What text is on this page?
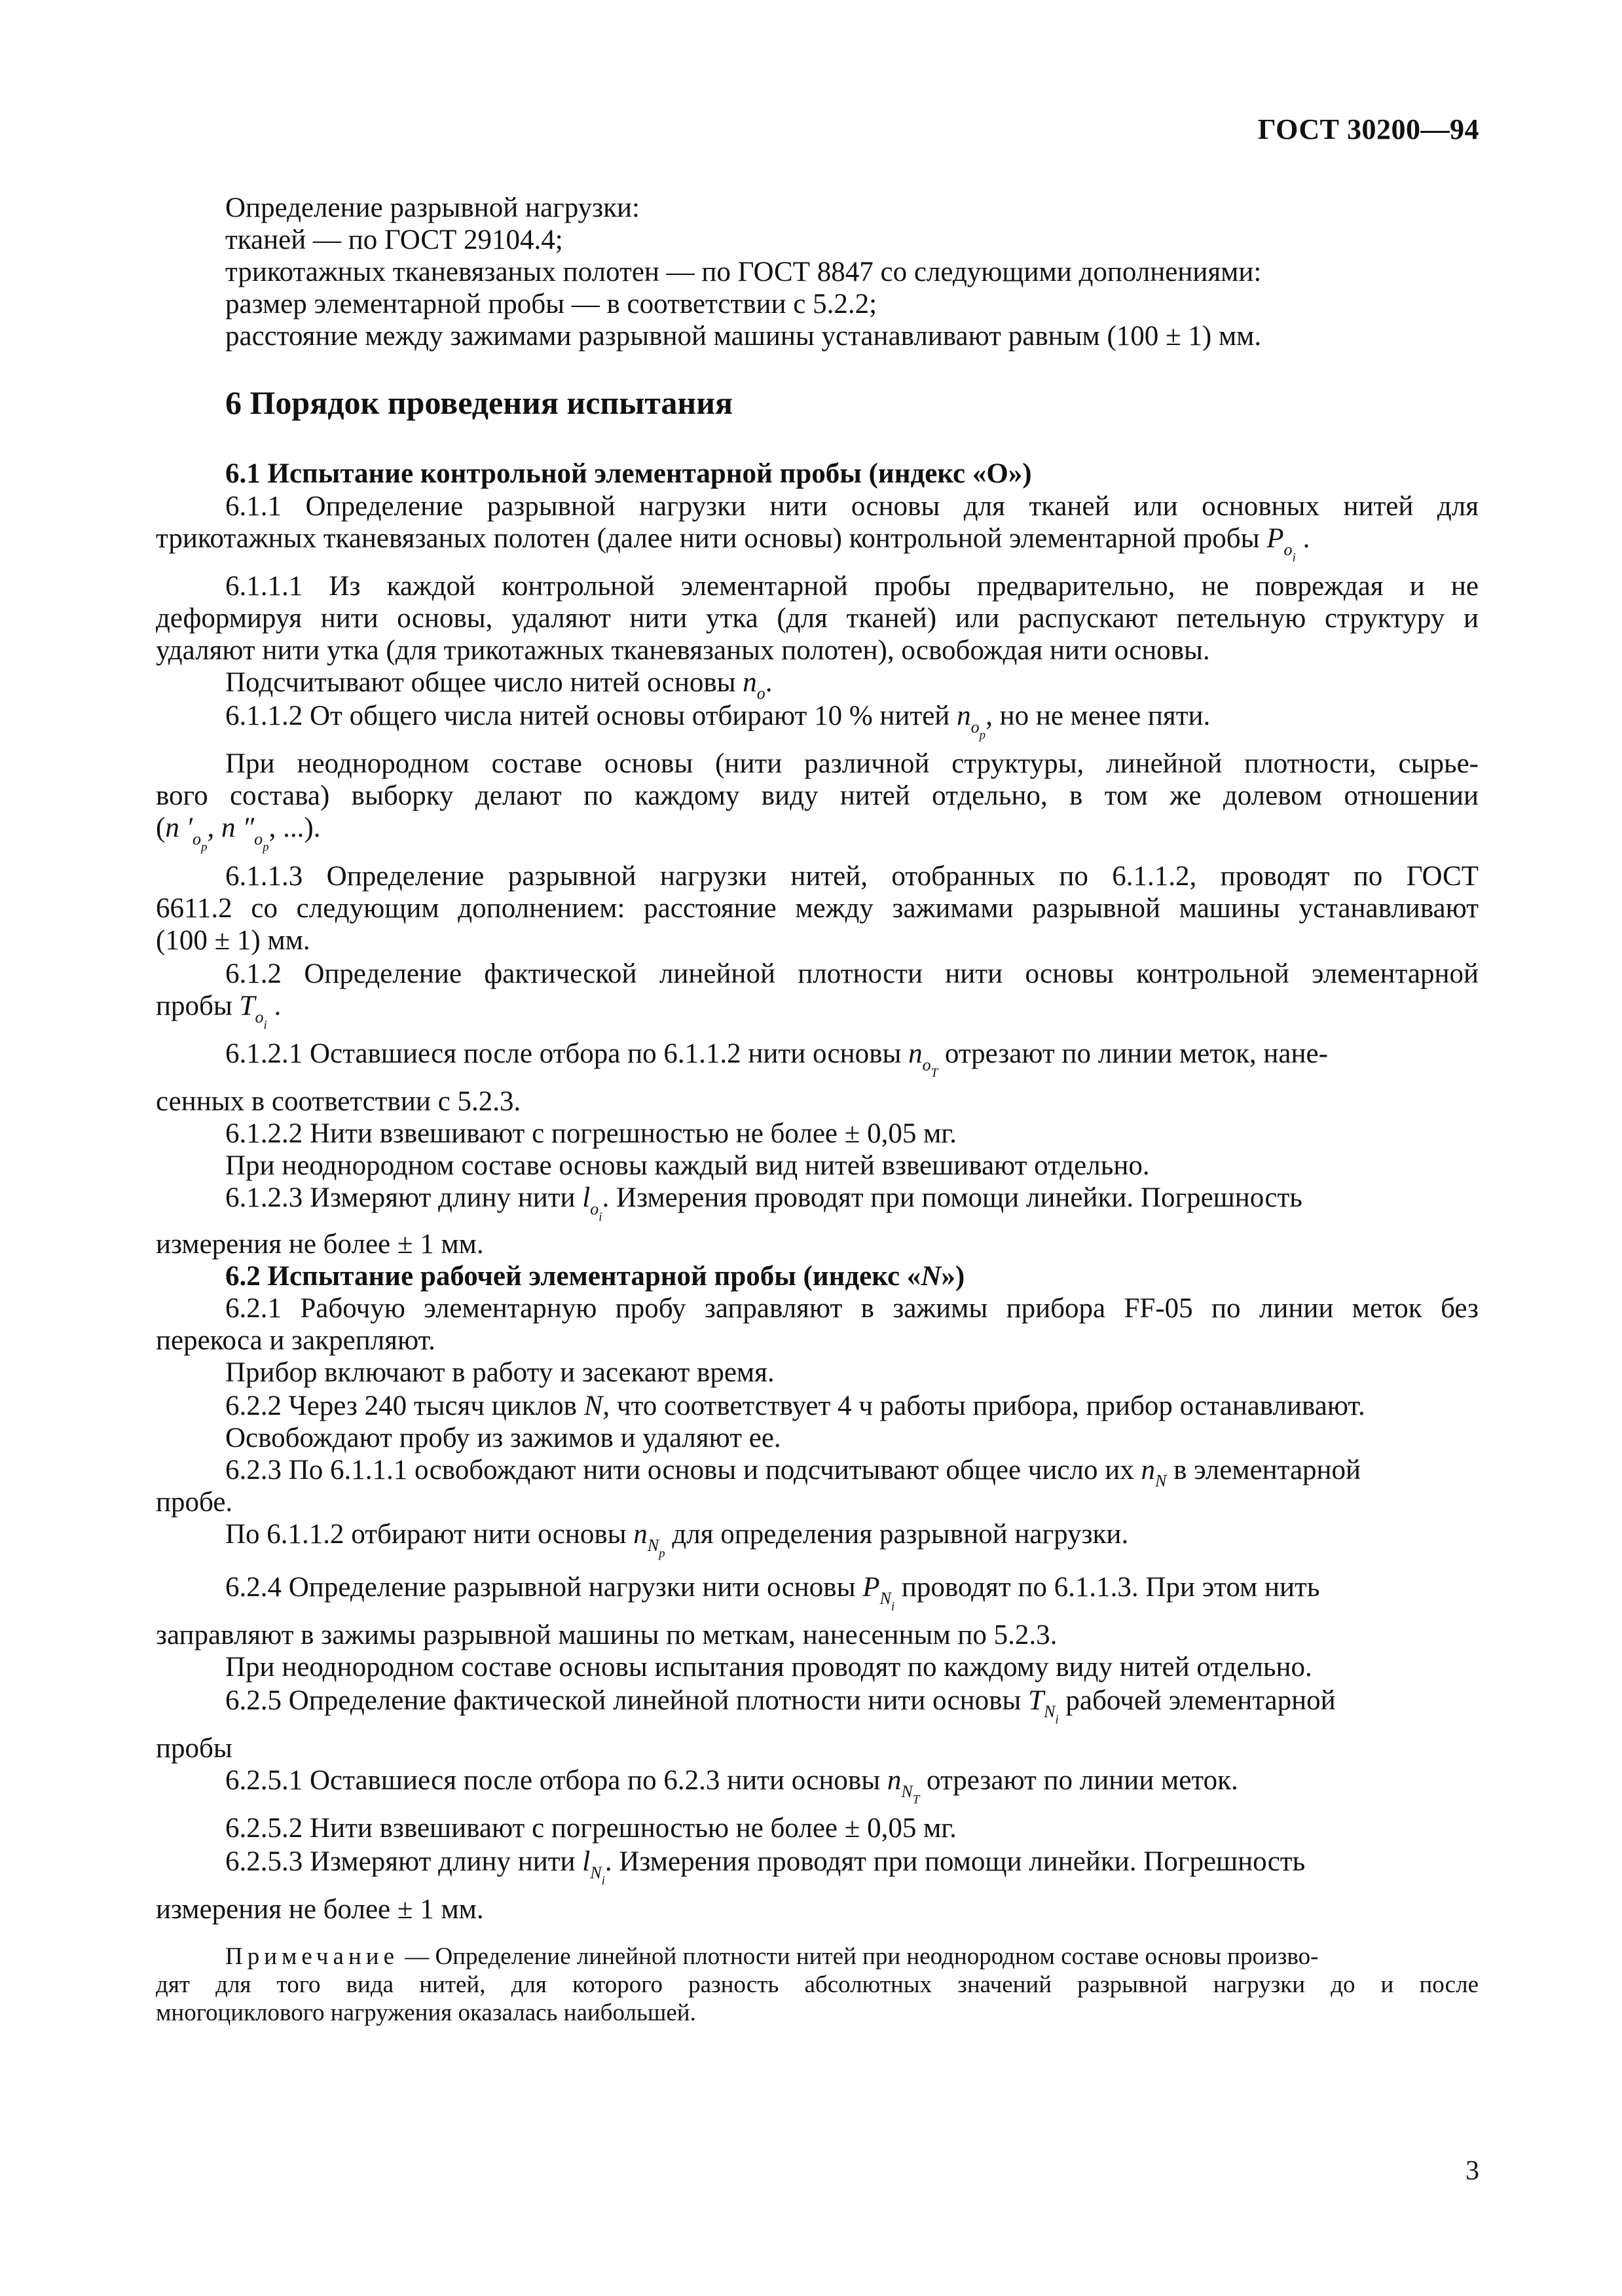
ГОСТ 30200—94
Определение разрывной нагрузки:
тканей — по ГОСТ 29104.4;
трикотажных тканевязаных полотен — по ГОСТ 8847 со следующими дополнениями:
размер элементарной пробы — в соответствии с 5.2.2;
расстояние между зажимами разрывной машины устанавливают равным (100 ± 1) мм.
6 Порядок проведения испытания
6.1 Испытание контрольной элементарной пробы (индекс «О»)
6.1.1 Определение разрывной нагрузки нити основы для тканей или основных нитей для
трикотажных тканевязаных полотен (далее нити основы) контрольной элементарной пробы $P_{о_i}$ .
6.1.1.1 Из каждой контрольной элементарной пробы предварительно, не повреждая и не
деформируя нити основы, удаляют нити утка (для тканей) или распускают петельную структуру и
удаляют нити утка (для трикотажных тканевязаных полотен), освобождая нити основы.
Подсчитывают общее число нитей основы $n_о$.
6.1.1.2 От общего числа нитей основы отбирают 10 % нитей $n_{о_p}$, но не менее пяти.
При неоднородном составе основы (нити различной структуры, линейной плотности, сырье-
вого состава) выборку делают по каждому виду нитей отдельно, в том же долевом отношении
(n $'_{о_p}$, n $''_{о_p}$, ...).
6.1.1.3 Определение разрывной нагрузки нитей, отобранных по 6.1.1.2, проводят по ГОСТ
6611.2 со следующим дополнением: расстояние между зажимами разрывной машины устанавливают
(100 ± 1) мм.
6.1.2 Определение фактической линейной плотности нити основы контрольной элементарной
пробы $T_{о_i}$ .
6.1.2.1 Оставшиеся после отбора по 6.1.1.2 нити основы $n_{о_T}$ отрезают по линии меток, нане-
сенных в соответствии с 5.2.3.
6.1.2.2 Нити взвешивают с погрешностью не более ± 0,05 мг.
При неоднородном составе основы каждый вид нитей взвешивают отдельно.
6.1.2.3 Измеряют длину нити $l_{о_i}$. Измерения проводят при помощи линейки. Погрешность
измерения не более ± 1 мм.
6.2 Испытание рабочей элементарной пробы (индекс «N»)
6.2.1 Рабочую элементарную пробу заправляют в зажимы прибора FF-05 по линии меток без
перекоса и закрепляют.
Прибор включают в работу и засекают время.
6.2.2 Через 240 тысяч циклов N, что соответствует 4 ч работы прибора, прибор останавливают.
Освобождают пробу из зажимов и удаляют ее.
6.2.3 По 6.1.1.1 освобождают нити основы и подсчитывают общее число их $n_N$ в элементарной
пробе.
По 6.1.1.2 отбирают нити основы $n_{N_p}$ для определения разрывной нагрузки.
6.2.4 Определение разрывной нагрузки нити основы $P_{N_i}$ проводят по 6.1.1.3. При этом нить
заправляют в зажимы разрывной машины по меткам, нанесенным по 5.2.3.
При неоднородном составе основы испытания проводят по каждому виду нитей отдельно.
6.2.5 Определение фактической линейной плотности нити основы $T_{N_i}$ рабочей элементарной
пробы
6.2.5.1 Оставшиеся после отбора по 6.2.3 нити основы $n_{N_T}$ отрезают по линии меток.
6.2.5.2 Нити взвешивают с погрешностью не более ± 0,05 мг.
6.2.5.3 Измеряют длину нити $l_{N_i}$. Измерения проводят при помощи линейки. Погрешность
измерения не более ± 1 мм.
Примечание — Определение линейной плотности нитей при неоднородном составе основы произво-
дят для того вида нитей, для которого разность абсолютных значений разрывной нагрузки до и после
многоциклового нагружения оказалась наибольшей.
3
